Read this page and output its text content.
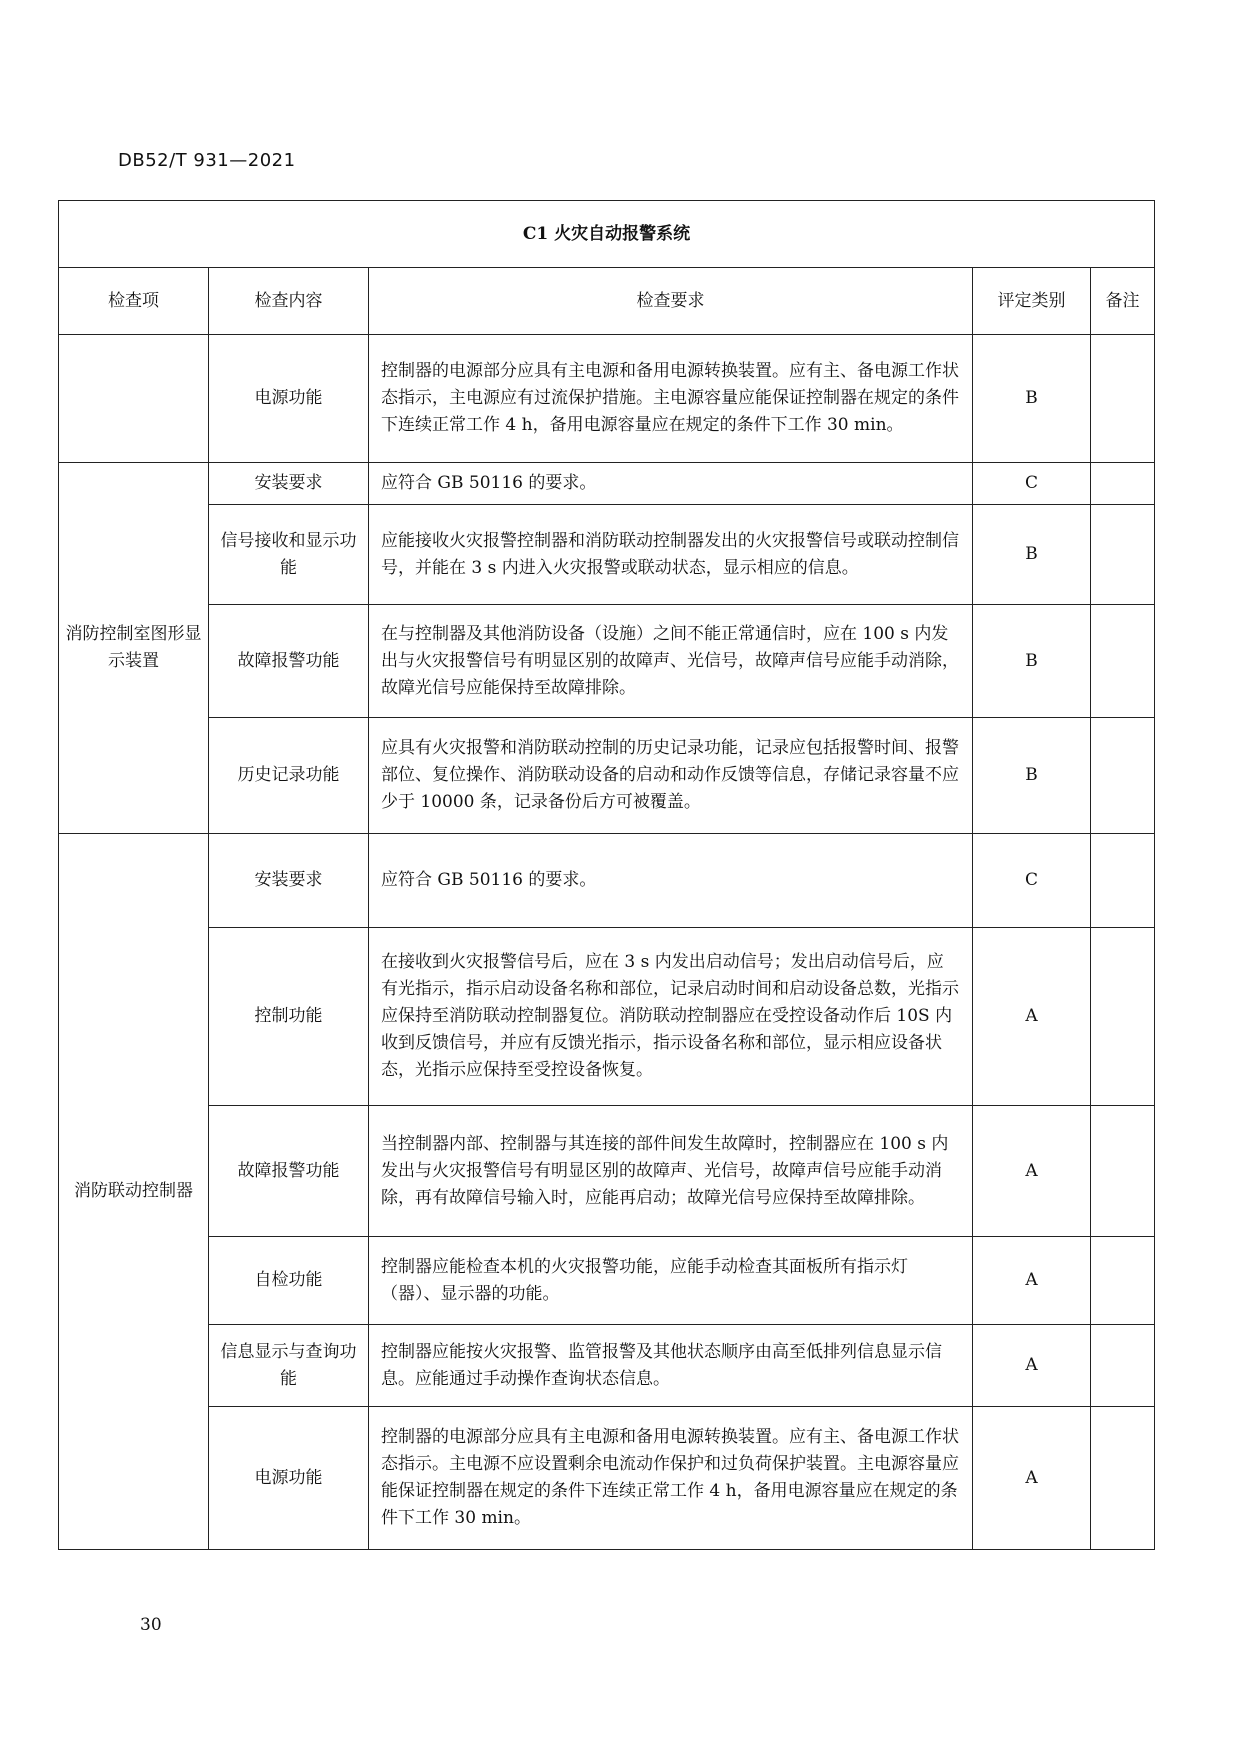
DB52/T 931—2021
C1 火灾自动报警系统				
检查项	检查内容	检查要求	评定类别	备注
	电源功能	控制器的电源部分应具有主电源和备用电源转换装置。应有主、备电源工作状态指示，主电源应有过流保护措施。主电源容量应能保证控制器在规定的条件下连续正常工作 4 h，备用电源容量应在规定的条件下工作 30 min。	B	
消防控制室图形显示装置	安装要求	应符合 GB 50116 的要求。	C	
	信号接收和显示功能	应能接收火灾报警控制器和消防联动控制器发出的火灾报警信号或联动控制信号，并能在 3 s 内进入火灾报警或联动状态，显示相应的信息。	B	
	故障报警功能	在与控制器及其他消防设备（设施）之间不能正常通信时，应在 100 s 内发出与火灾报警信号有明显区别的故障声、光信号，故障声信号应能手动消除，故障光信号应能保持至故障排除。	B	
	历史记录功能	应具有火灾报警和消防联动控制的历史记录功能，记录应包括报警时间、报警部位、复位操作、消防联动设备的启动和动作反馈等信息，存储记录容量不应少于 10000 条，记录备份后方可被覆盖。	B	
消防联动控制器	安装要求	应符合 GB 50116 的要求。	C	
	控制功能	在接收到火灾报警信号后，应在 3 s 内发出启动信号；发出启动信号后，应有光指示，指示启动设备名称和部位，记录启动时间和启动设备总数，光指示应保持至消防联动控制器复位。消防联动控制器应在受控设备动作后 10S 内收到反馈信号，并应有反馈光指示，指示设备名称和部位，显示相应设备状态，光指示应保持至受控设备恢复。	A	
	故障报警功能	当控制器内部、控制器与其连接的部件间发生故障时，控制器应在 100 s 内发出与火灾报警信号有明显区别的故障声、光信号，故障声信号应能手动消除，再有故障信号输入时，应能再启动；故障光信号应保持至故障排除。	A	
	自检功能	控制器应能检查本机的火灾报警功能，应能手动检查其面板所有指示灯（器）、显示器的功能。	A	
	信息显示与查询功能	控制器应能按火灾报警、监管报警及其他状态顺序由高至低排列信息显示信息。应能通过手动操作查询状态信息。	A	
	电源功能	控制器的电源部分应具有主电源和备用电源转换装置。应有主、备电源工作状态指示。主电源不应设置剩余电流动作保护和过负荷保护装置。主电源容量应能保证控制器在规定的条件下连续正常工作 4 h，备用电源容量应在规定的条件下工作 30 min。	A	
30
